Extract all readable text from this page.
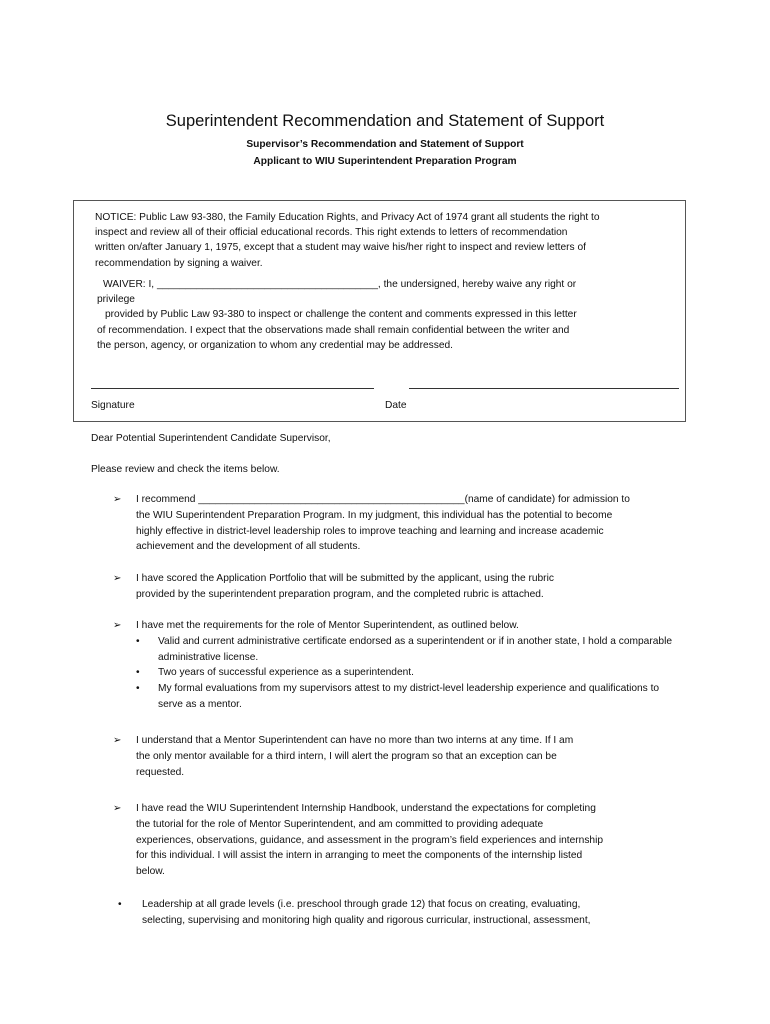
Superintendent Recommendation and Statement of Support
Supervisor’s Recommendation and Statement of Support
Applicant to WIU Superintendent Preparation Program
NOTICE: Public Law 93-380, the Family Education Rights, and Privacy Act of 1974 grant all students the right to
inspect and review all of their official educational records. This right extends to letters of recommendation
written on/after January 1, 1975, except that a student may waive his/her right to inspect and review letters of
recommendation by signing a waiver.
WAIVER: I, _______________________________________, the undersigned, hereby waive any right or
privilege
provided by Public Law 93-380 to inspect or challenge the content and comments expressed in this letter
of recommendation. I expect that the observations made shall remain confidential between the writer and
the person, agency, or organization to whom any credential may be addressed.
Signature	Date
Dear Potential Superintendent Candidate Supervisor,
Please review and check the items below.
➢	I recommend _______________________________________________(name of candidate) for admission to
the WIU Superintendent Preparation Program. In my judgment, this individual has the potential to become
highly effective in district-level leadership roles to improve teaching and learning and increase academic
achievement and the development of all students.
➢	I have scored the Application Portfolio that will be submitted by the applicant, using the rubric
provided by the superintendent preparation program, and the completed rubric is attached.
➢	I have met the requirements for the role of Mentor Superintendent, as outlined below.
• Valid and current administrative certificate endorsed as a superintendent or if in another state, I hold a comparable administrative license.
• Two years of successful experience as a superintendent.
• My formal evaluations from my supervisors attest to my district-level leadership experience and qualifications to serve as a mentor.
➢	I understand that a Mentor Superintendent can have no more than two interns at any time. If I am
the only mentor available for a third intern, I will alert the program so that an exception can be
requested.
➢	I have read the WIU Superintendent Internship Handbook, understand the expectations for completing
the tutorial for the role of Mentor Superintendent, and am committed to providing adequate
experiences, observations, guidance, and assessment in the program’s field experiences and internship
for this individual. I will assist the intern in arranging to meet the components of the internship listed
below.
• Leadership at all grade levels (i.e. preschool through grade 12) that focus on creating, evaluating,
selecting, supervising and monitoring high quality and rigorous curricular, instructional, assessment,
